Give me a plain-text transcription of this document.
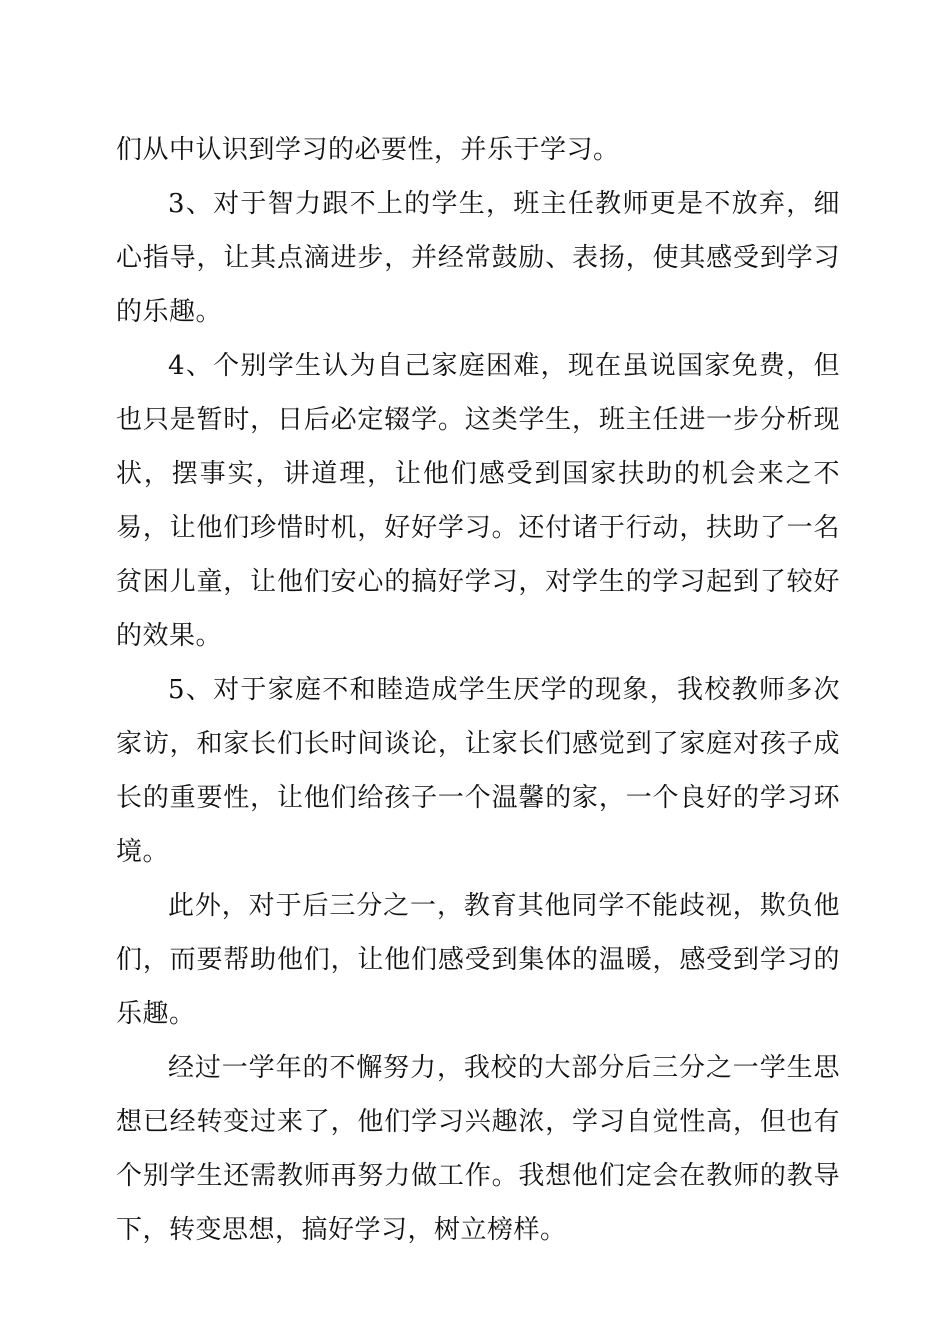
们从中认识到学习的必要性，并乐于学习。

3、对于智力跟不上的学生，班主任教师更是不放弃，细心指导，让其点滴进步，并经常鼓励、表扬，使其感受到学习的乐趣。

4、个别学生认为自己家庭困难，现在虽说国家免费，但也只是暂时，日后必定辍学。这类学生，班主任进一步分析现状，摆事实，讲道理，让他们感受到国家扶助的机会来之不易，让他们珍惜时机，好好学习。还付诸于行动，扶助了一名贫困儿童，让他们安心的搞好学习，对学生的学习起到了较好的效果。

5、对于家庭不和睦造成学生厌学的现象，我校教师多次家访，和家长们长时间谈论，让家长们感觉到了家庭对孩子成长的重要性，让他们给孩子一个温馨的家，一个良好的学习环境。

此外，对于后三分之一，教育其他同学不能歧视，欺负他们，而要帮助他们，让他们感受到集体的温暖，感受到学习的乐趣。

经过一学年的不懈努力，我校的大部分后三分之一学生思想已经转变过来了，他们学习兴趣浓，学习自觉性高，但也有个别学生还需教师再努力做工作。我想他们定会在教师的教导下，转变思想，搞好学习，树立榜样。
